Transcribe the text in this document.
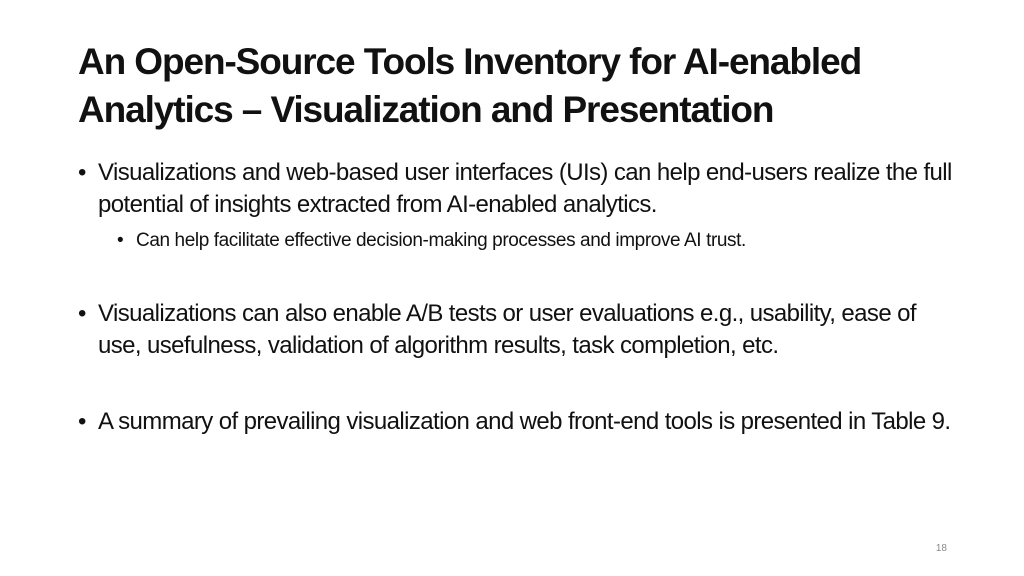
An Open-Source Tools Inventory for AI-enabled
Analytics – Visualization and Presentation
• Visualizations and web-based user interfaces (UIs) can help end-users realize the full potential of insights extracted from AI-enabled analytics.
• Can help facilitate effective decision-making processes and improve AI trust.
• Visualizations can also enable A/B tests or user evaluations e.g., usability, ease of use, usefulness, validation of algorithm results, task completion, etc.
• A summary of prevailing visualization and web front-end tools is presented in Table 9.
18
